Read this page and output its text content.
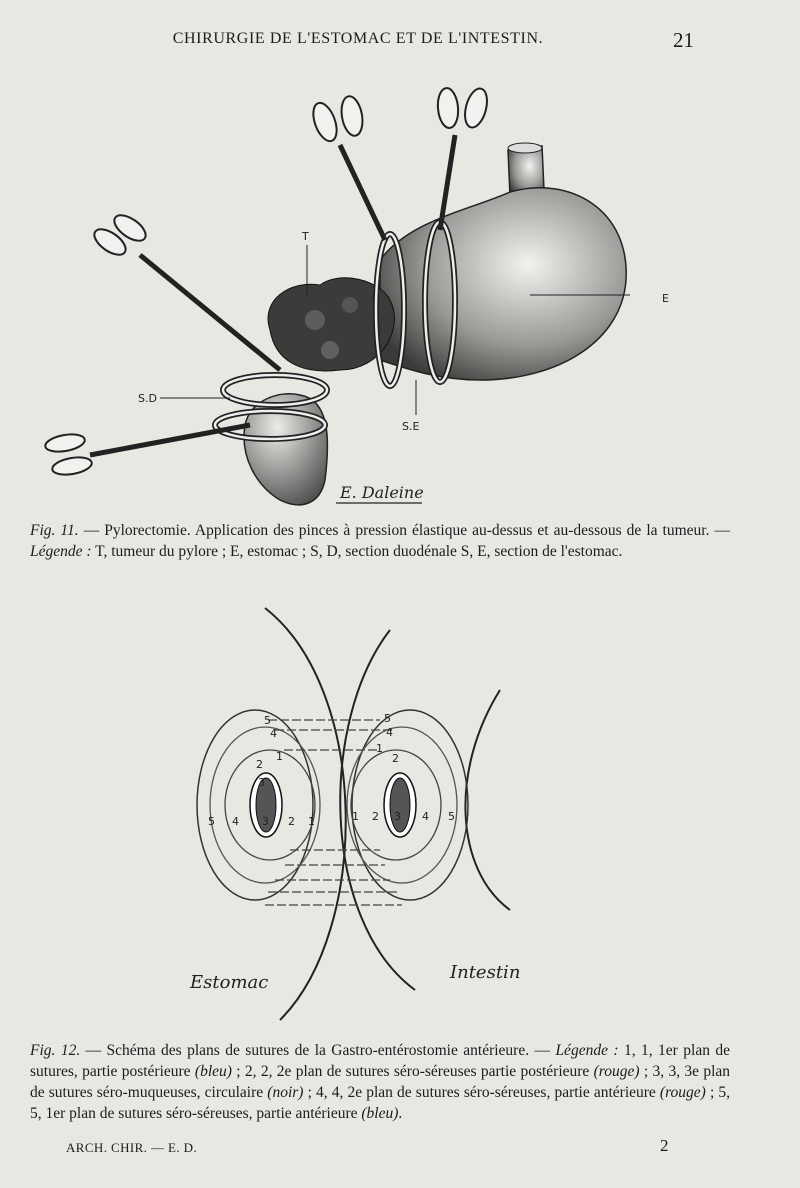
CHIRURGIE DE L'ESTOMAC ET DE L'INTESTIN.	21
T
E
S.D
S.E
E. Daleine
Fig. 11. — Pylorectomie. Application des pinces à pression élastique au-dessus et au-dessous de la tumeur. — Légende : T, tumeur du pylore ; E, estomac ; S, D, section duodénale S, E, section de l'estomac.
5 4 3 2 1	1 2 3 4 5
5
4
2
1
3
5
4
2
1
Estomac	Intestin
Fig. 12. — Schéma des plans de sutures de la Gastro-entérostomie antérieure. — Légende : 1, 1, 1er plan de sutures, partie postérieure (bleu) ; 2, 2, 2e plan de sutures séro-séreuses partie postérieure (rouge) ; 3, 3, 3e plan de sutures séro-muqueuses, circulaire (noir) ; 4, 4, 2e plan de sutures séro-séreuses, partie antérieure (rouge) ; 5, 5, 1er plan de sutures séro-séreuses, partie antérieure (bleu).
ARCH. CHIR. — E. D.	2
